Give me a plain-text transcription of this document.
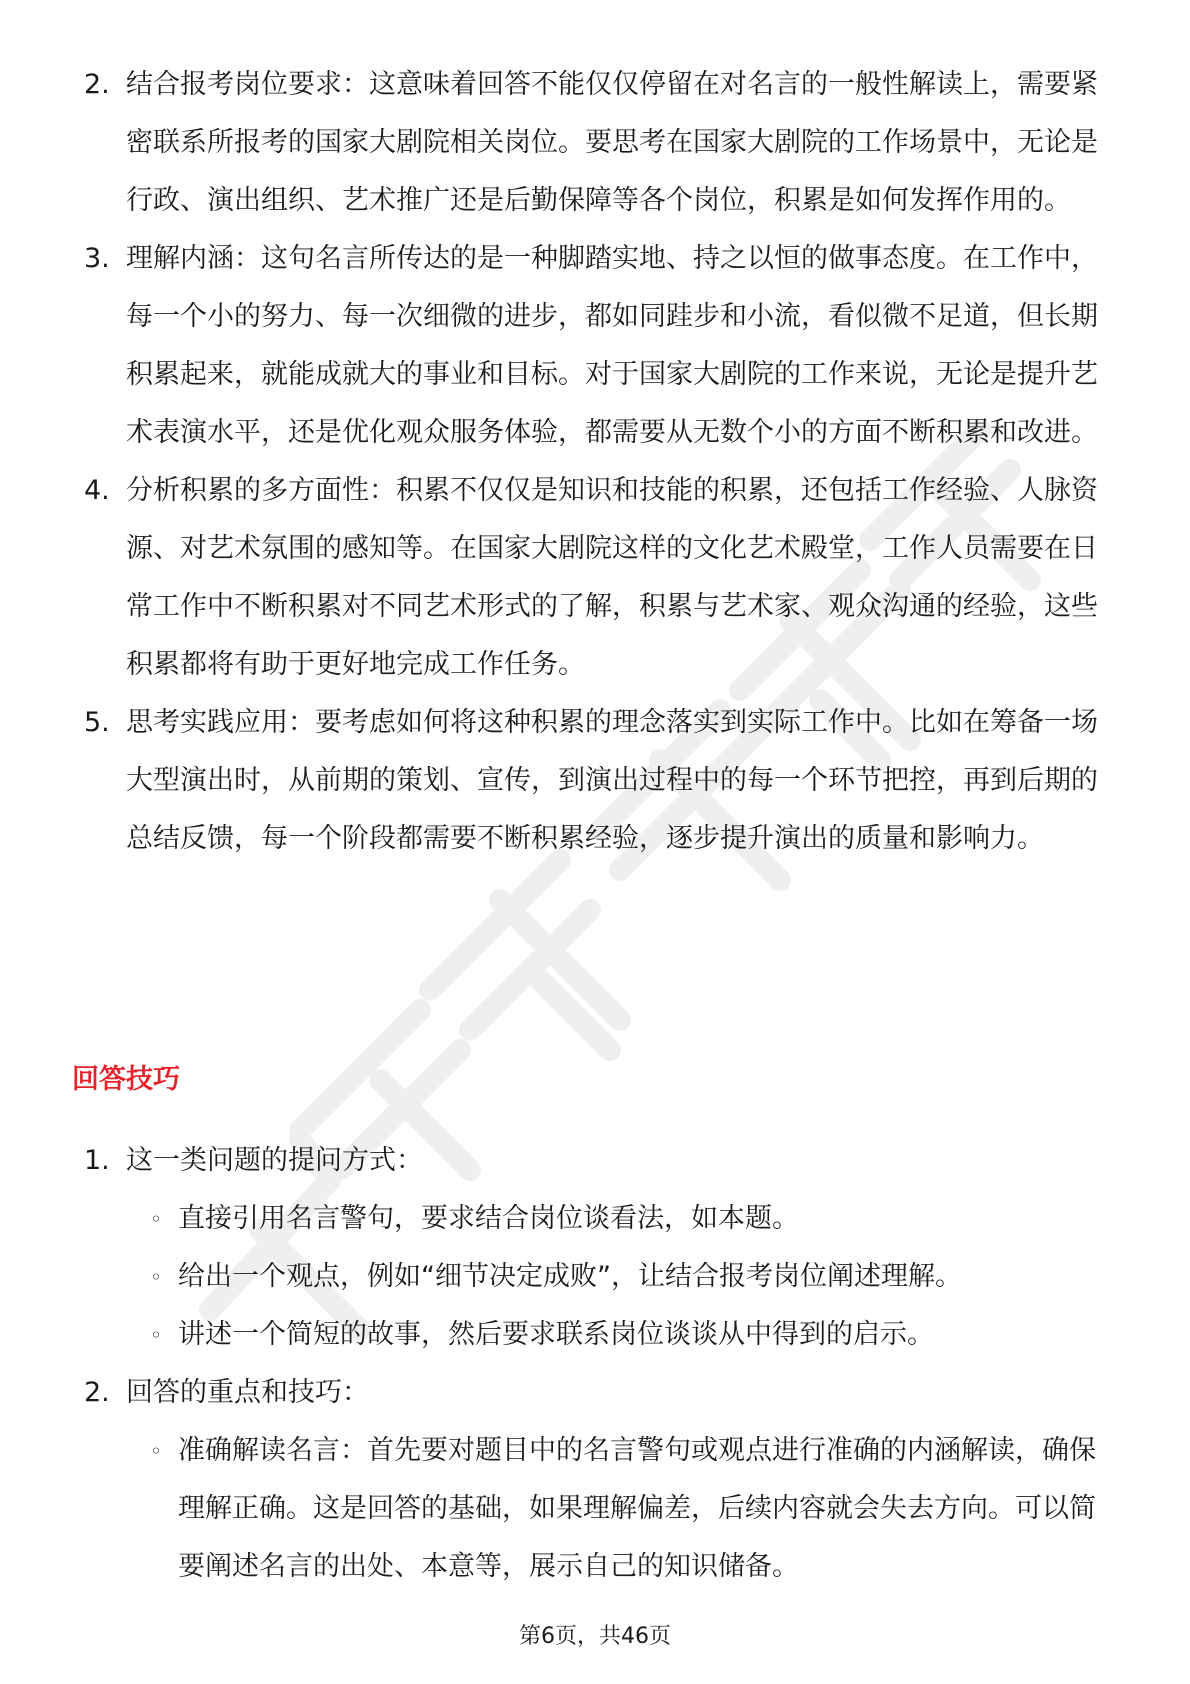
2. 结合报考岗位要求：这意味着回答不能仅仅停留在对名言的一般性解读上，需要紧密联系所报考的国家大剧院相关岗位。要思考在国家大剧院的工作场景中，无论是行政、演出组织、艺术推广还是后勤保障等各个岗位，积累是如何发挥作用的。
3. 理解内涵：这句名言所传达的是一种脚踏实地、持之以恒的做事态度。在工作中，每一个小的努力、每一次细微的进步，都如同跬步和小流，看似微不足道，但长期积累起来，就能成就大的事业和目标。对于国家大剧院的工作来说，无论是提升艺术表演水平，还是优化观众服务体验，都需要从无数个小的方面不断积累和改进。
4. 分析积累的多方面性：积累不仅仅是知识和技能的积累，还包括工作经验、人脉资源、对艺术氛围的感知等。在国家大剧院这样的文化艺术殿堂，工作人员需要在日常工作中不断积累对不同艺术形式的了解，积累与艺术家、观众沟通的经验，这些积累都将有助于更好地完成工作任务。
5. 思考实践应用：要考虑如何将这种积累的理念落实到实际工作中。比如在筹备一场大型演出时，从前期的策划、宣传，到演出过程中的每一个环节把控，再到后期的总结反馈，每一个阶段都需要不断积累经验，逐步提升演出的质量和影响力。
回答技巧
1. 这一类问题的提问方式：
◦ 直接引用名言警句，要求结合岗位谈看法，如本题。
◦ 给出一个观点，例如“细节决定成败”，让结合报考岗位阐述理解。
◦ 讲述一个简短的故事，然后要求联系岗位谈谈从中得到的启示。
2. 回答的重点和技巧：
◦ 准确解读名言：首先要对题目中的名言警句或观点进行准确的内涵解读，确保理解正确。这是回答的基础，如果理解偏差，后续内容就会失去方向。可以简要阐述名言的出处、本意等，展示自己的知识储备。
第6页，共46页
